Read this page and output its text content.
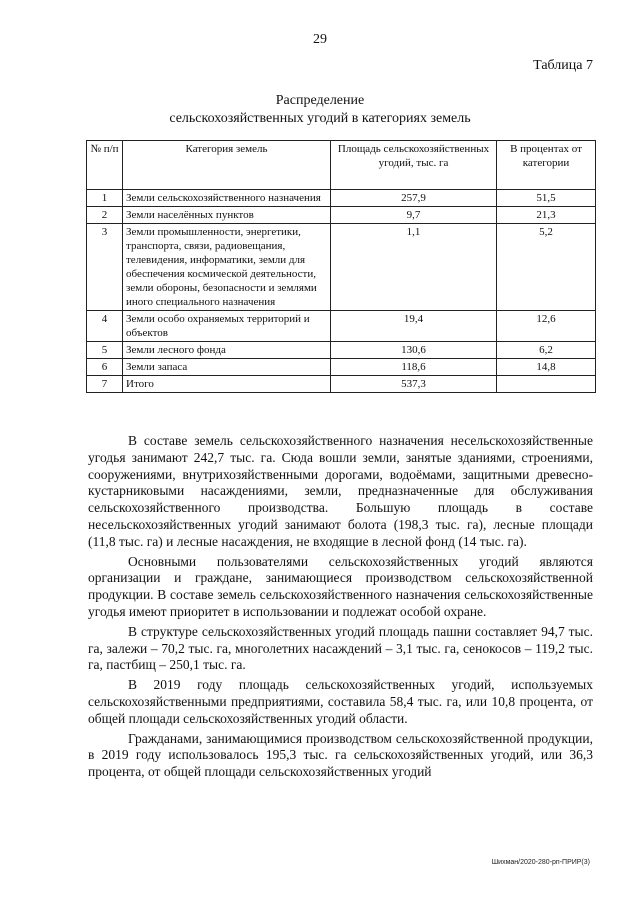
29
Таблица 7
Распределение
сельскохозяйственных угодий в категориях земель
№ п/п	Категория земель	Площадь сельскохозяйственных угодий, тыс. га	В процентах от категории
1	Земли сельскохозяйственного назначения	257,9	51,5
2	Земли населённых пунктов	9,7	21,3
3	Земли промышленности, энергетики, транспорта, связи, радиовещания, телевидения, информатики, земли для обеспечения космической деятельности, земли обороны, безопасности и землями иного специального назначения	1,1	5,2
4	Земли особо охраняемых территорий и объектов	19,4	12,6
5	Земли лесного фонда	130,6	6,2
6	Земли запаса	118,6	14,8
7	Итого	537,3	

В составе земель сельскохозяйственного назначения несельскохозяйственные угодья занимают 242,7 тыс. га. Сюда вошли земли, занятые зданиями, строениями, сооружениями, внутрихозяйственными дорогами, водоёмами, защитными древесно-кустарниковыми насаждениями, земли, предназначенные для обслуживания сельскохозяйственного производства. Большую площадь в составе несельскохозяйственных угодий занимают болота (198,3 тыс. га), лесные площади (11,8 тыс. га) и лесные насаждения, не входящие в лесной фонд (14 тыс. га).

Основными пользователями сельскохозяйственных угодий являются организации и граждане, занимающиеся производством сельскохозяйственной продукции. В составе земель сельскохозяйственного назначения сельскохозяйственные угодья имеют приоритет в использовании и подлежат особой охране.

В структуре сельскохозяйственных угодий площадь пашни составляет 94,7 тыс. га, залежи – 70,2 тыс. га, многолетних насаждений – 3,1 тыс. га, сенокосов – 119,2 тыс. га, пастбищ – 250,1 тыс. га.

В 2019 году площадь сельскохозяйственных угодий, используемых сельскохозяйственными предприятиями, составила 58,4 тыс. га, или 10,8 процента, от общей площади сельскохозяйственных угодий области.

Гражданами, занимающимися производством сельскохозяйственной продукции, в 2019 году использовалось 195,3 тыс. га сельскохозяйственных угодий, или 36,3 процента, от общей площади сельскохозяйственных угодий

Шихман/2020-280-рп-ПРИР(3)
